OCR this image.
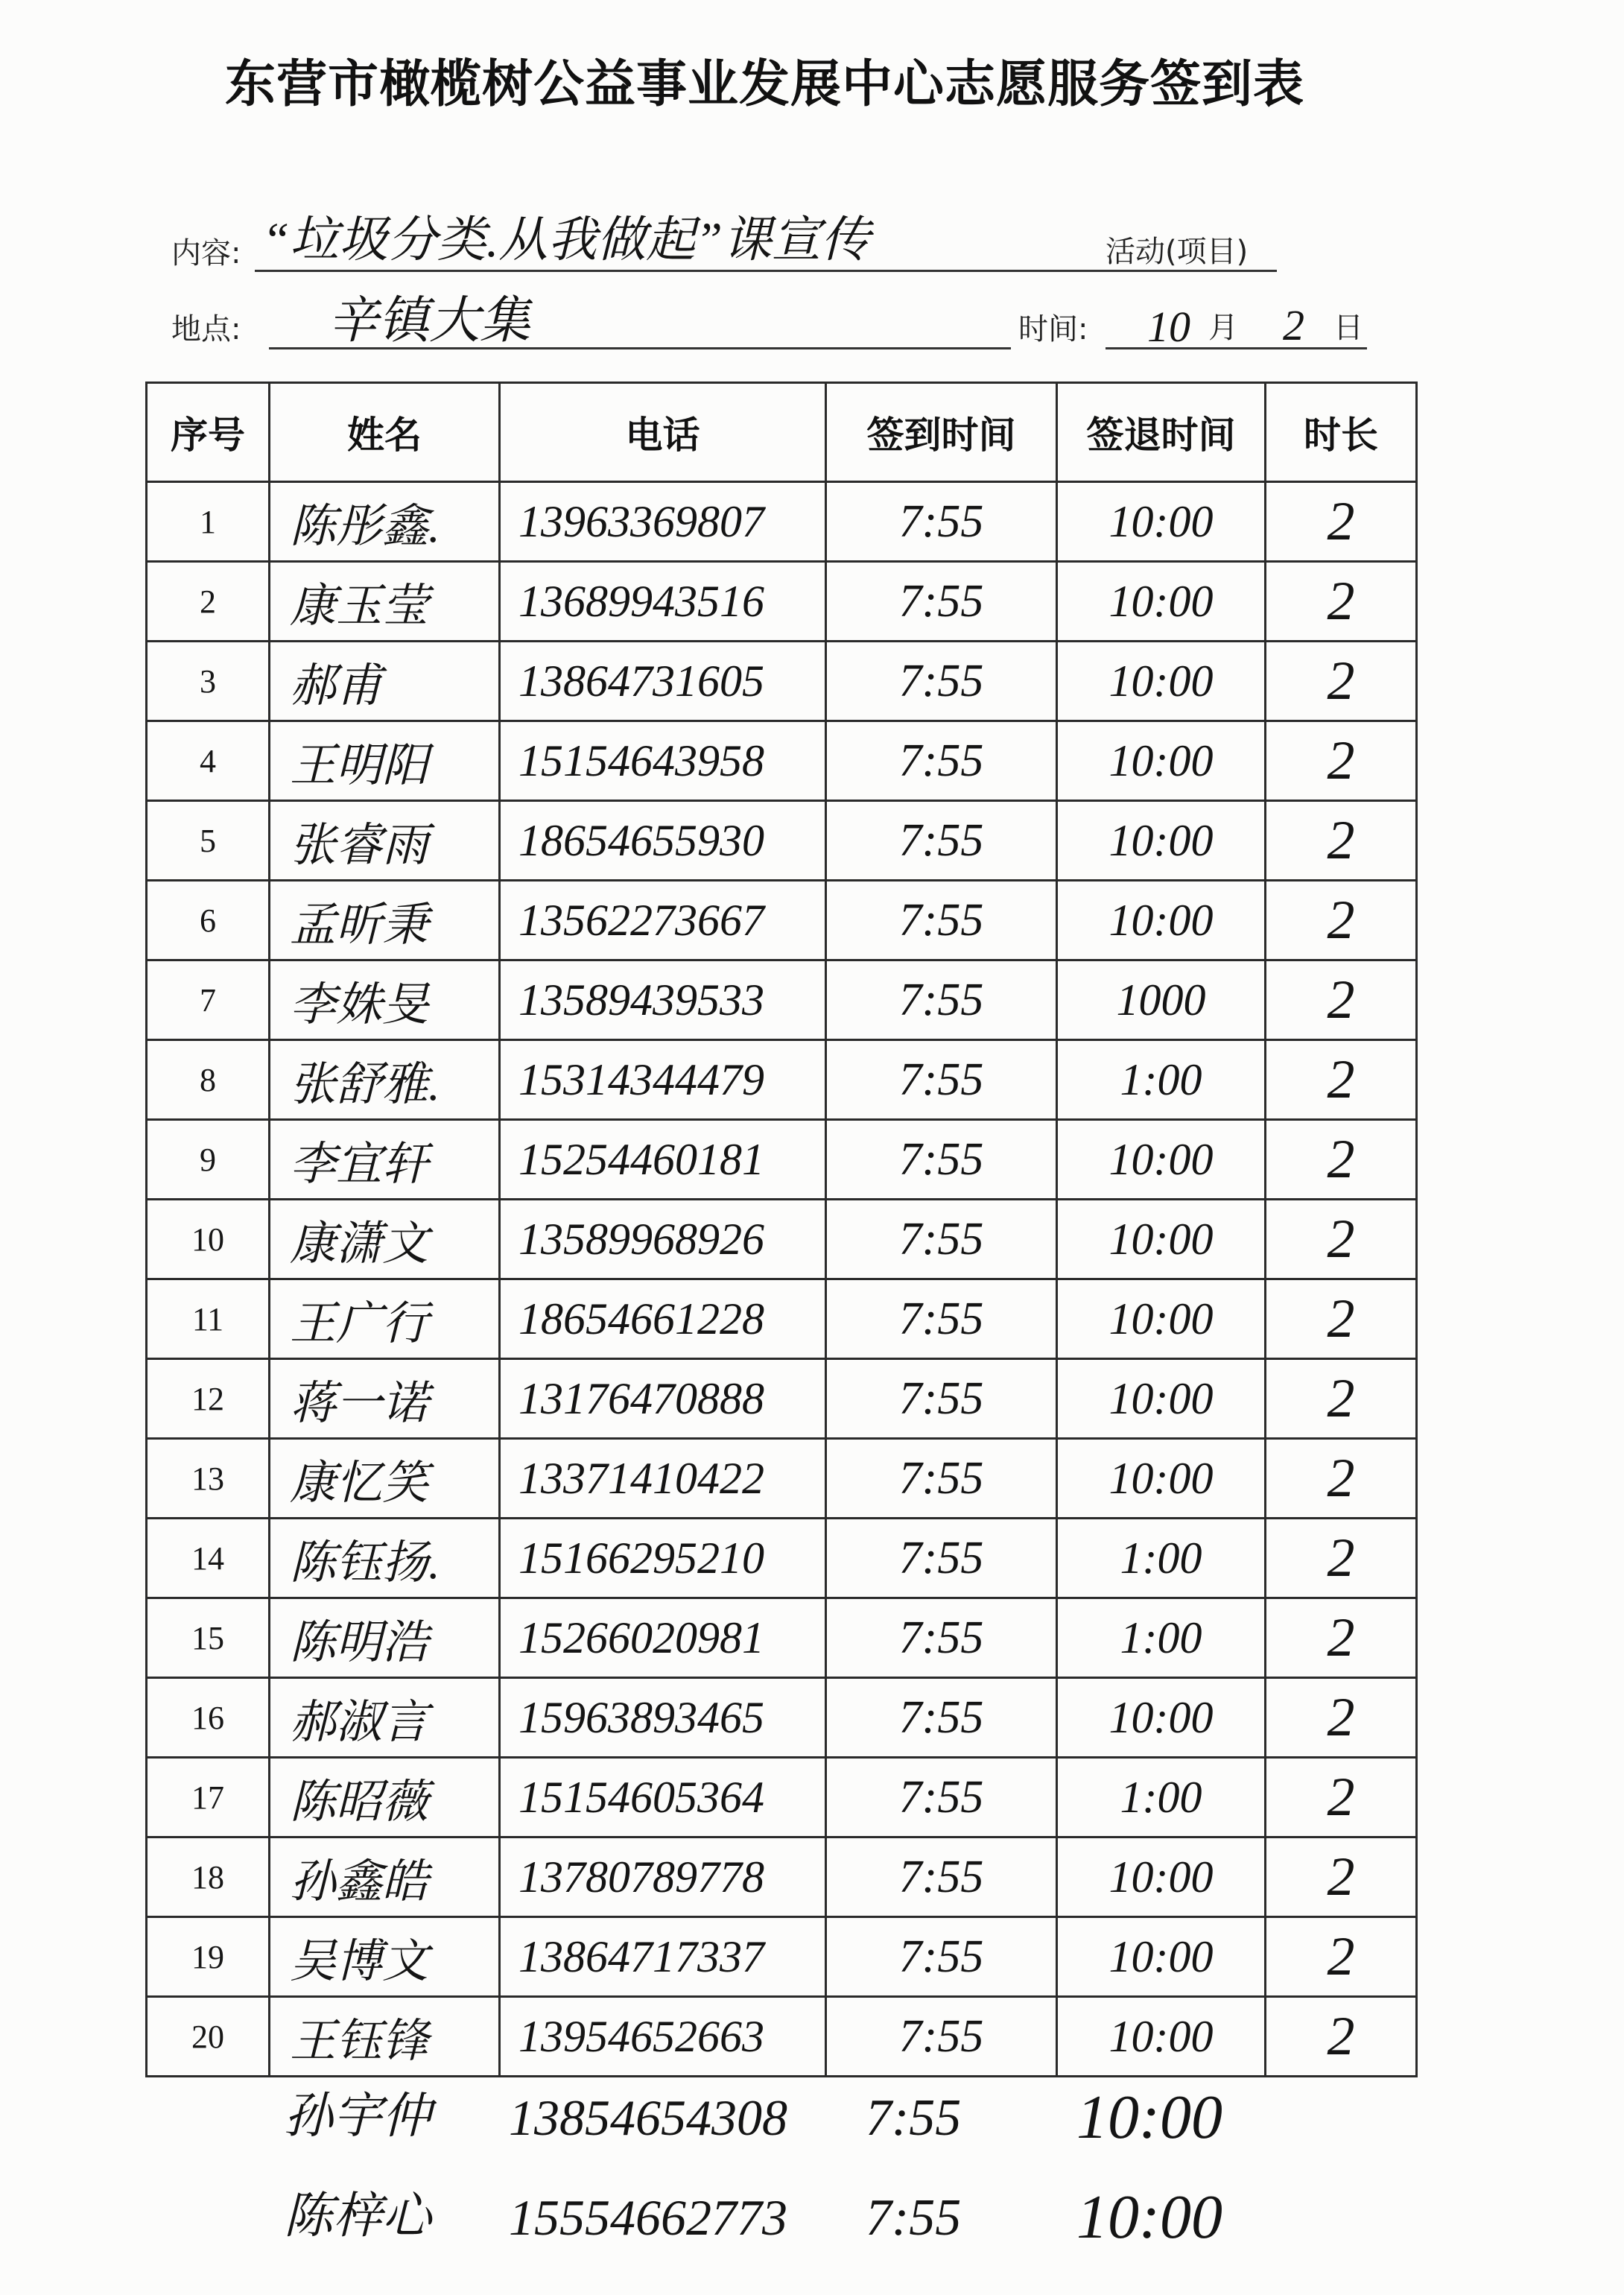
东营市橄榄树公益事业发展中心志愿服务签到表
内容: “垃圾分类.从我做起”课宣传	活动(项目)
地点: 辛镇大集	时间: 10 月 2 日
序号	姓名	电话	签到时间	签退时间	时长
1	陈彤鑫.	13963369807	7:55	10:00	2
2	康玉莹	13689943516	7:55	10:00	2
3	郝甫	13864731605	7:55	10:00	2
4	王明阳	15154643958	7:55	10:00	2
5	张睿雨	18654655930	7:55	10:00	2
6	孟昕秉	13562273667	7:55	10:00	2
7	李姝旻	13589439533	7:55	1000	2
8	张舒雅.	15314344479	7:55	1:00	2
9	李宜轩	15254460181	7:55	10:00	2
10	康潇文	13589968926	7:55	10:00	2
11	王广行	18654661228	7:55	10:00	2
12	蒋一诺	13176470888	7:55	10:00	2
13	康忆笑	13371410422	7:55	10:00	2
14	陈钰扬.	15166295210	7:55	1:00	2
15	陈明浩	15266020981	7:55	1:00	2
16	郝淑言	15963893465	7:55	10:00	2
17	陈昭薇	15154605364	7:55	1:00	2
18	孙鑫皓	13780789778	7:55	10:00	2
19	吴博文	13864717337	7:55	10:00	2
20	王钰锋	13954652663	7:55	10:00	2
孙宇仲 13854654308 7:55 10:00
陈梓心 15554662773 7:55 10:00
